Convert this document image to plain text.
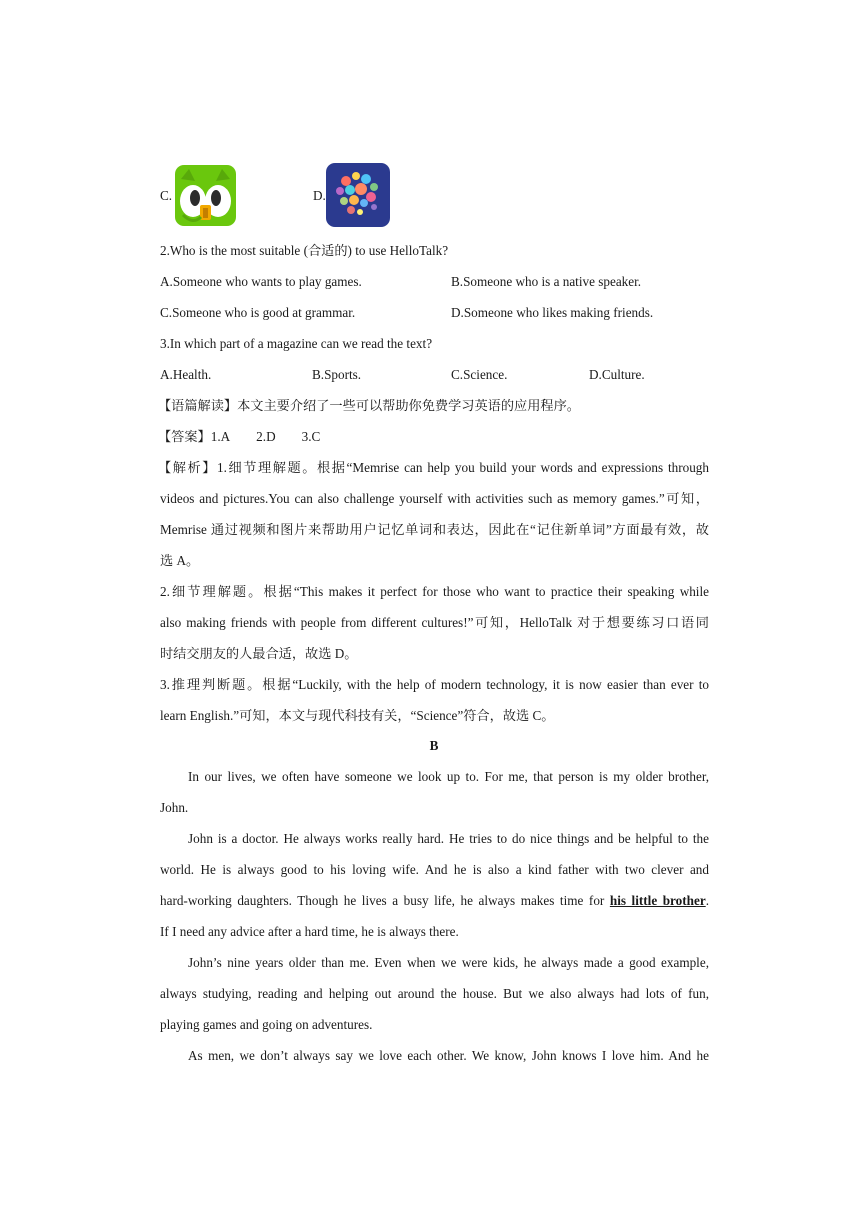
C.	D.
2.Who is the most suitable (合适的) to use HelloTalk?
A.Someone who wants to play games.	B.Someone who is a native speaker.
C.Someone who is good at grammar.	D.Someone who likes making friends.
3.In which part of a magazine can we read the text?
A.Health.	B.Sports.	C.Science.	D.Culture.
【语篇解读】本文主要介绍了一些可以帮助你免费学习英语的应用程序。
【答案】1.A 2.D 3.C
【解析】1.细节理解题。根据“Memrise can help you build your words and expressions through
videos and pictures.You can also challenge yourself with activities such as memory games.”可知，
Memrise 通过视频和图片来帮助用户记忆单词和表达，因此在“记住新单词”方面最有效，故
选 A。
2.细节理解题。根据“This makes it perfect for those who want to practice their speaking while
also making friends with people from different cultures!”可知，HelloTalk 对于想要练习口语同
时结交朋友的人最合适，故选 D。
3.推理判断题。根据“Luckily, with the help of modern technology, it is now easier than ever to
learn English.”可知，本文与现代科技有关，“Science”符合，故选 C。
B
In our lives, we often have someone we look up to. For me, that person is my older brother,
John.
John is a doctor. He always works really hard. He tries to do nice things and be helpful to the
world. He is always good to his loving wife. And he is also a kind father with two clever and
hard-working daughters. Though he lives a busy life, he always makes time for his little brother.
If I need any advice after a hard time, he is always there.
John’s nine years older than me. Even when we were kids, he always made a good example,
always studying, reading and helping out around the house. But we also always had lots of fun,
playing games and going on adventures.
As men, we don’t always say we love each other. We know, John knows I love him. And he
